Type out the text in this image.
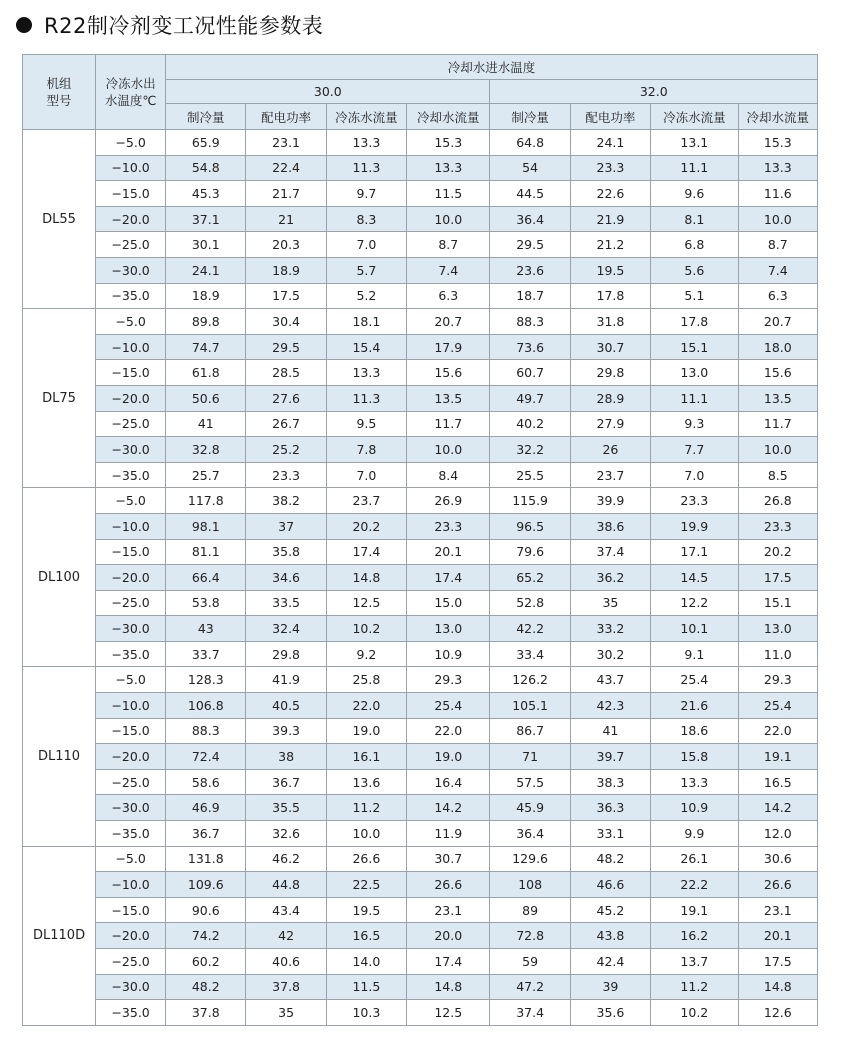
R22制冷剂变工况性能参数表
机组
型号	冷冻水出
水温度℃	冷却水进水温度							
		30.0				32.0			
		制冷量	配电功率	冷冻水流量	冷却水流量	制冷量	配电功率	冷冻水流量	冷却水流量
DL55	−5.0	65.9	23.1	13.3	15.3	64.8	24.1	13.1	15.3
	−10.0	54.8	22.4	11.3	13.3	54	23.3	11.1	13.3
	−15.0	45.3	21.7	9.7	11.5	44.5	22.6	9.6	11.6
	−20.0	37.1	21	8.3	10.0	36.4	21.9	8.1	10.0
	−25.0	30.1	20.3	7.0	8.7	29.5	21.2	6.8	8.7
	−30.0	24.1	18.9	5.7	7.4	23.6	19.5	5.6	7.4
	−35.0	18.9	17.5	5.2	6.3	18.7	17.8	5.1	6.3
DL75	−5.0	89.8	30.4	18.1	20.7	88.3	31.8	17.8	20.7
	−10.0	74.7	29.5	15.4	17.9	73.6	30.7	15.1	18.0
	−15.0	61.8	28.5	13.3	15.6	60.7	29.8	13.0	15.6
	−20.0	50.6	27.6	11.3	13.5	49.7	28.9	11.1	13.5
	−25.0	41	26.7	9.5	11.7	40.2	27.9	9.3	11.7
	−30.0	32.8	25.2	7.8	10.0	32.2	26	7.7	10.0
	−35.0	25.7	23.3	7.0	8.4	25.5	23.7	7.0	8.5
DL100	−5.0	117.8	38.2	23.7	26.9	115.9	39.9	23.3	26.8
	−10.0	98.1	37	20.2	23.3	96.5	38.6	19.9	23.3
	−15.0	81.1	35.8	17.4	20.1	79.6	37.4	17.1	20.2
	−20.0	66.4	34.6	14.8	17.4	65.2	36.2	14.5	17.5
	−25.0	53.8	33.5	12.5	15.0	52.8	35	12.2	15.1
	−30.0	43	32.4	10.2	13.0	42.2	33.2	10.1	13.0
	−35.0	33.7	29.8	9.2	10.9	33.4	30.2	9.1	11.0
DL110	−5.0	128.3	41.9	25.8	29.3	126.2	43.7	25.4	29.3
	−10.0	106.8	40.5	22.0	25.4	105.1	42.3	21.6	25.4
	−15.0	88.3	39.3	19.0	22.0	86.7	41	18.6	22.0
	−20.0	72.4	38	16.1	19.0	71	39.7	15.8	19.1
	−25.0	58.6	36.7	13.6	16.4	57.5	38.3	13.3	16.5
	−30.0	46.9	35.5	11.2	14.2	45.9	36.3	10.9	14.2
	−35.0	36.7	32.6	10.0	11.9	36.4	33.1	9.9	12.0
DL110D	−5.0	131.8	46.2	26.6	30.7	129.6	48.2	26.1	30.6
	−10.0	109.6	44.8	22.5	26.6	108	46.6	22.2	26.6
	−15.0	90.6	43.4	19.5	23.1	89	45.2	19.1	23.1
	−20.0	74.2	42	16.5	20.0	72.8	43.8	16.2	20.1
	−25.0	60.2	40.6	14.0	17.4	59	42.4	13.7	17.5
	−30.0	48.2	37.8	11.5	14.8	47.2	39	11.2	14.8
	−35.0	37.8	35	10.3	12.5	37.4	35.6	10.2	12.6
